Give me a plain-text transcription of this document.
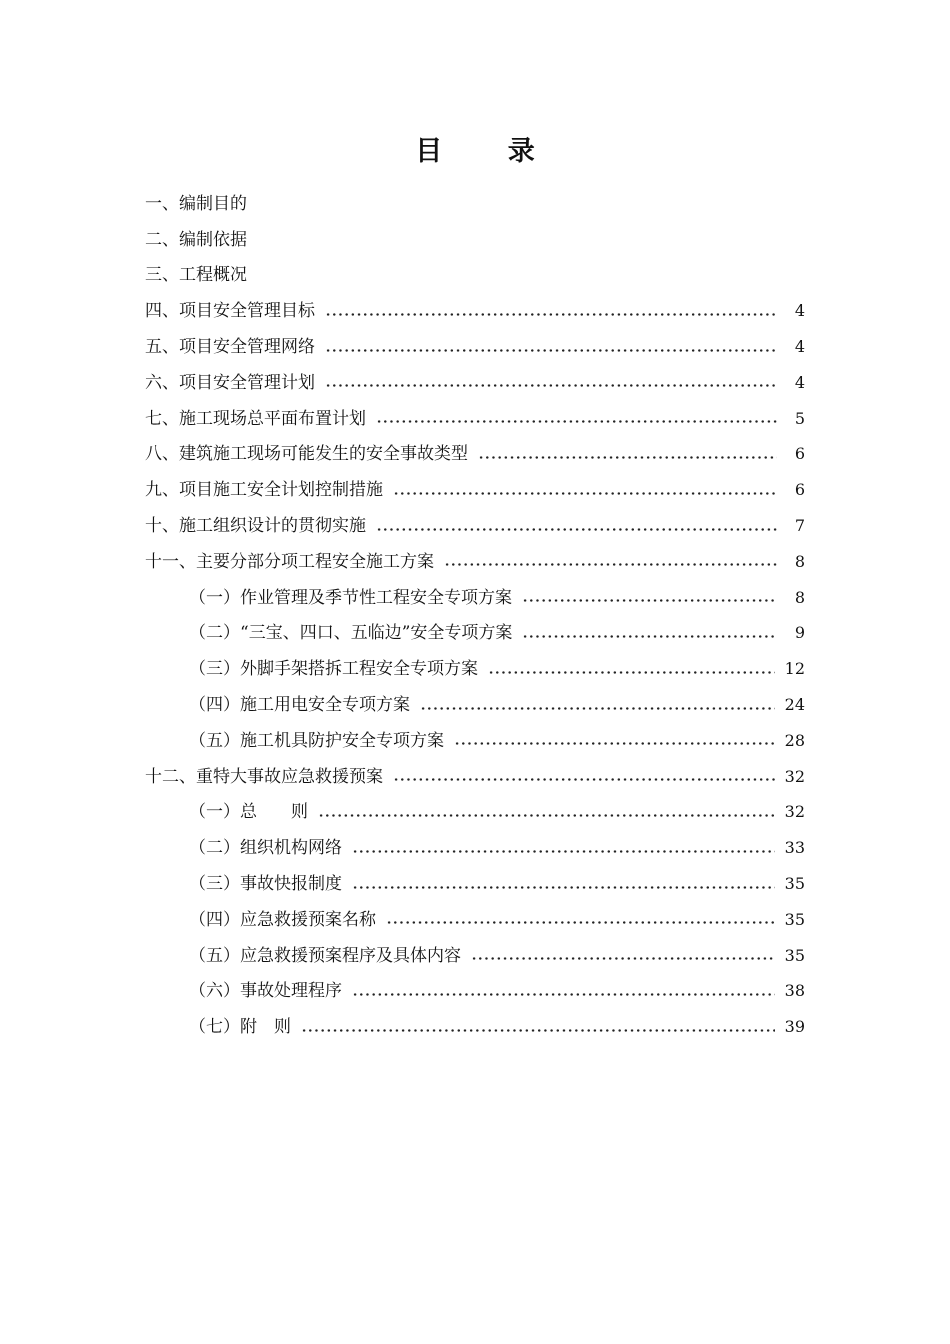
目 录
一、编制目的
二、编制依据
三、工程概况
四、项目安全管理目标	4
五、项目安全管理网络	4
六、项目安全管理计划	4
七、施工现场总平面布置计划	5
八、建筑施工现场可能发生的安全事故类型	6
九、项目施工安全计划控制措施	6
十、施工组织设计的贯彻实施	7
十一、主要分部分项工程安全施工方案	8
（一）作业管理及季节性工程安全专项方案	8
（二）“三宝、四口、五临边”安全专项方案	9
（三）外脚手架搭拆工程安全专项方案	12
（四）施工用电安全专项方案	24
（五）施工机具防护安全专项方案	28
十二、重特大事故应急救援预案	32
（一）总　　则	32
（二）组织机构网络	33
（三）事故快报制度	35
（四）应急救援预案名称	35
（五）应急救援预案程序及具体内容	35
（六）事故处理程序	38
（七）附　则	39
